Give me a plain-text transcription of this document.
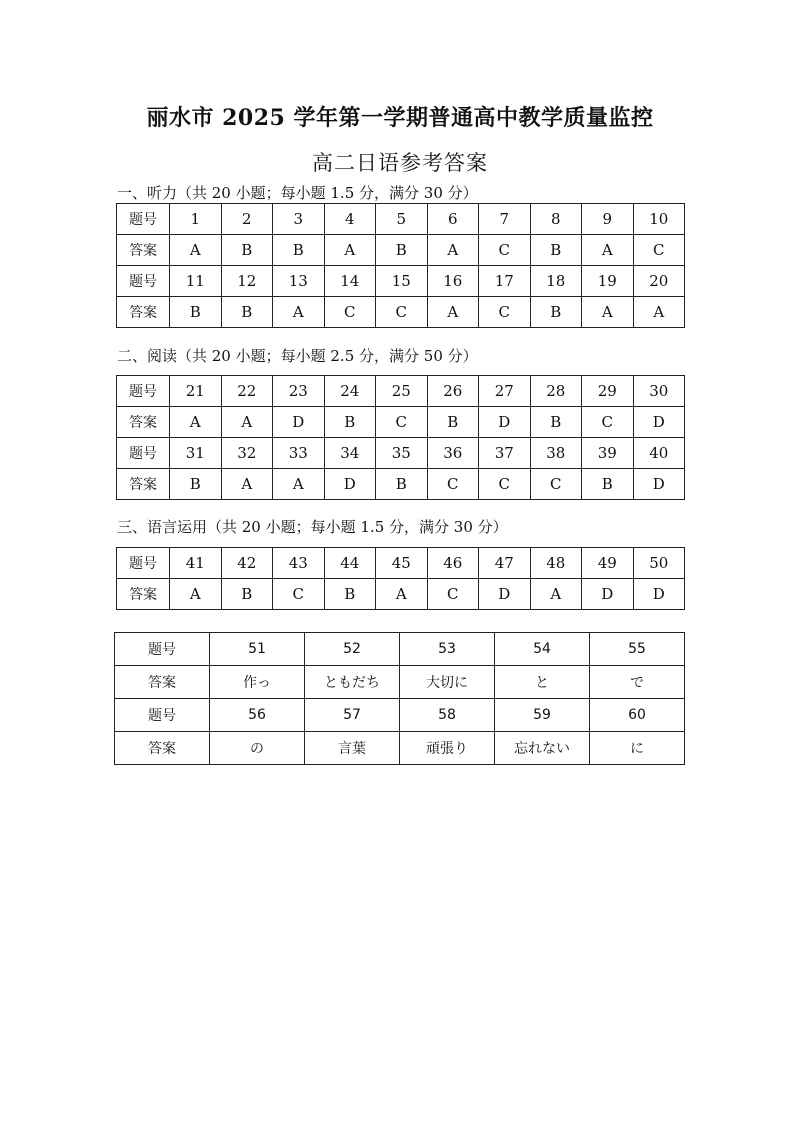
丽水市 2025 学年第一学期普通高中教学质量监控
高二日语参考答案
一、听力（共 20 小题；每小题 1.5 分，满分 30 分）
题号	1	2	3	4	5	6	7	8	9	10
答案	A	B	B	A	B	A	C	B	A	C
题号	11	12	13	14	15	16	17	18	19	20
答案	B	B	A	C	C	A	C	B	A	A
二、阅读（共 20 小题；每小题 2.5 分，满分 50 分）
题号	21	22	23	24	25	26	27	28	29	30
答案	A	A	D	B	C	B	D	B	C	D
题号	31	32	33	34	35	36	37	38	39	40
答案	B	A	A	D	B	C	C	C	B	D
三、语言运用（共 20 小题；每小题 1.5 分，满分 30 分）
题号	41	42	43	44	45	46	47	48	49	50
答案	A	B	C	B	A	C	D	A	D	D
题号	51	52	53	54	55
答案	作っ	ともだち	大切に	と	で
题号	56	57	58	59	60
答案	の	言葉	頑張り	忘れない	に
